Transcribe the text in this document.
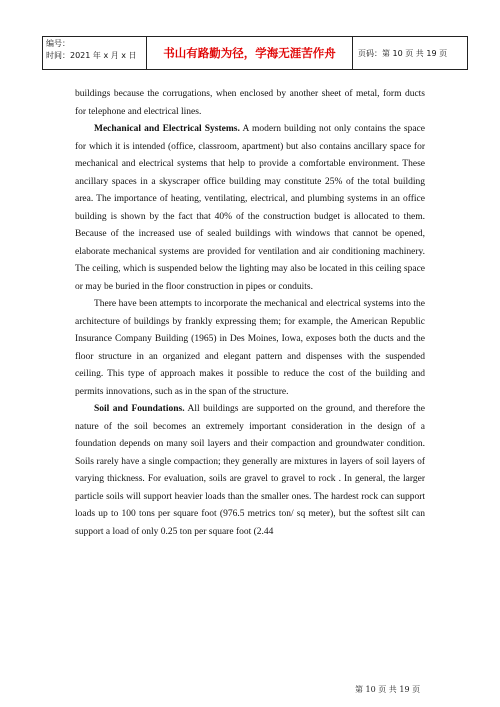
编号：
时间：2021 年 x 月 x 日	书山有路勤为径，学海无涯苦作舟	页码：第 10 页 共 19 页

buildings because the corrugations, when enclosed by another sheet of metal, form ducts for telephone and electrical lines.

Mechanical and Electrical Systems. A modern building not only contains the space for which it is intended (office, classroom, apartment) but also contains ancillary space for mechanical and electrical systems that help to provide a comfortable environment. These ancillary spaces in a skyscraper office building may constitute 25% of the total building area. The importance of heating, ventilating, electrical, and plumbing systems in an office building is shown by the fact that 40% of the construction budget is allocated to them. Because of the increased use of sealed buildings with windows that cannot be opened, elaborate mechanical systems are provided for ventilation and air conditioning machinery. The ceiling, which is suspended below the lighting may also be located in this ceiling space or may be buried in the floor construction in pipes or conduits.

There have been attempts to incorporate the mechanical and electrical systems into the architecture of buildings by frankly expressing them; for example, the American Republic Insurance Company Building (1965) in Des Moines, Iowa, exposes both the ducts and the floor structure in an organized and elegant pattern and dispenses with the suspended ceiling. This type of approach makes it possible to reduce the cost of the building and permits innovations, such as in the span of the structure.

Soil and Foundations. All buildings are supported on the ground, and therefore the nature of the soil becomes an extremely important consideration in the design of a foundation depends on many soil layers and their compaction and groundwater condition. Soils rarely have a single compaction; they generally are mixtures in layers of soil layers of varying thickness. For evaluation, soils are gravel to gravel to rock . In general, the larger particle soils will support heavier loads than the smaller ones. The hardest rock can support loads up to 100 tons per square foot (976.5 metrics ton/ sq meter), but the softest silt can support a load of only 0.25 ton per square foot (2.44

第 10 页 共 19 页
